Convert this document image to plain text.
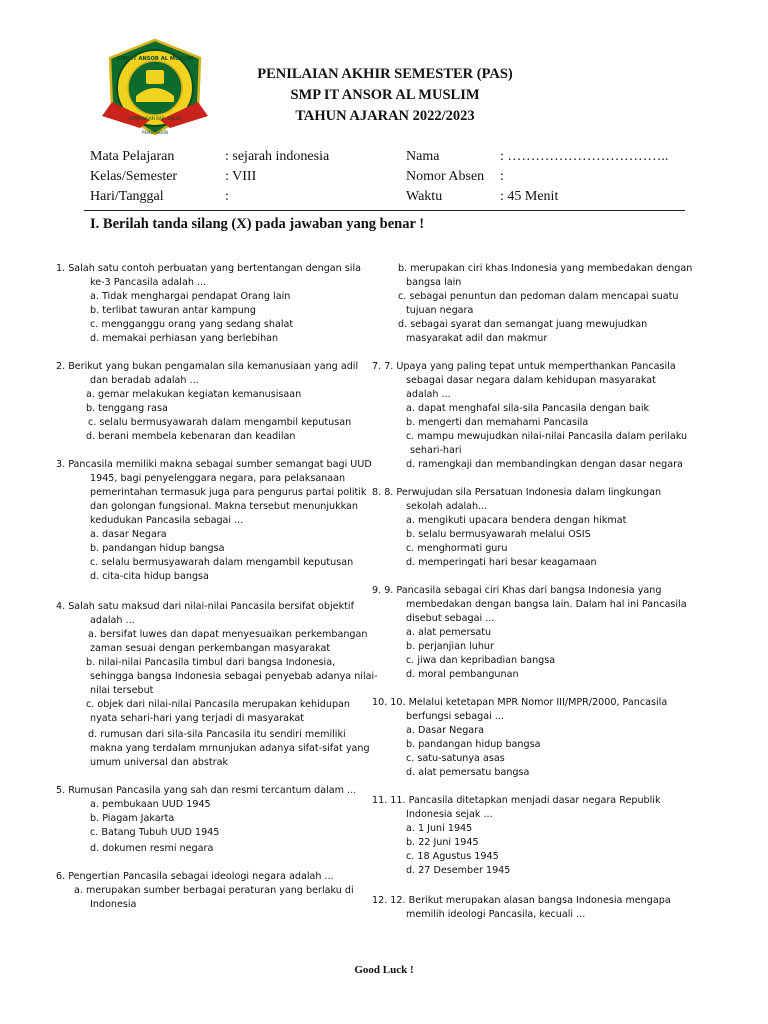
SMP IT ANSOR AL MUSLIM
LEMBANGAN KAB. GALUH
PEMBANGUN
PENILAIAN AKHIR SEMESTER (PAS)
SMP IT ANSOR AL MUSLIM
TAHUN AJARAN 2022/2023
Mata Pelajaran	: sejarah indonesia
Kelas/Semester	: VIII
Hari/Tanggal	:
Nama	: ……………………………..
Nomor Absen :
Waktu	: 45 Menit
I. Berilah tanda silang (X) pada jawaban yang benar !
1. Salah satu contoh perbuatan yang bertentangan dengan sila
ke-3 Pancasila adalah ...
a. Tidak menghargai pendapat Orang lain
b. terlibat tawuran antar kampung
c. mengganggu orang yang sedang shalat
d. memakai perhiasan yang berlebihan
2. Berikut yang bukan pengamalan sila kemanusiaan yang adil
dan beradab adalah ...
a. gemar melakukan kegiatan kemanusisaan
b. tenggang rasa
c. selalu bermusyawarah dalam mengambil keputusan
d. berani membela kebenaran dan keadilan
3. Pancasila memiliki makna sebagai sumber semangat bagi UUD
1945, bagi penyelenggara negara, para pelaksanaan
pemerintahan termasuk juga para pengurus partai politik
dan golongan fungsional. Makna tersebut menunjukkan
kedudukan Pancasila sebagai ...
a. dasar Negara
b. pandangan hidup bangsa
c. selalu bermusyawarah dalam mengambil keputusan
d. cita-cita hidup bangsa
4. Salah satu maksud dari nilai-nilai Pancasila bersifat objektif
adalah ...
a. bersifat luwes dan dapat menyesuaikan perkembangan
zaman sesuai dengan perkembangan masyarakat
b. nilai-nilai Pancasila timbul dari bangsa Indonesia,
sehingga bangsa Indonesia sebagai penyebab adanya nilai-
nilai tersebut
c. objek dari nilai-nilai Pancasila merupakan kehidupan
nyata sehari-hari yang terjadi di masyarakat
d. rumusan dari sila-sila Pancasila itu sendiri memiliki
makna yang terdalam mrnunjukan adanya sifat-sifat yang
umum universal dan abstrak
5. Rumusan Pancasila yang sah dan resmi tercantum dalam ...
a. pembukaan UUD 1945
b. Piagam Jakarta
c. Batang Tubuh UUD 1945
d. dokumen resmi negara
6. Pengertian Pancasila sebagai ideologi negara adalah ...
a. merupakan sumber berbagai peraturan yang berlaku di
Indonesia
b. merupakan ciri khas Indonesia yang membedakan dengan
bangsa lain
c. sebagai penuntun dan pedoman dalam mencapai suatu
tujuan negara
d. sebagai syarat dan semangat juang mewujudkan
masyarakat adil dan makmur
7. 7. Upaya yang paling tepat untuk memperthankan Pancasila
sebagai dasar negara dalam kehidupan masyarakat
adalah ...
a. dapat menghafal sila-sila Pancasila dengan baik
b. mengerti dan memahami Pancasila
c. mampu mewujudkan nilai-nilai Pancasila dalam perilaku
sehari-hari
d. ramengkaji dan membandingkan dengan dasar negara
8. 8. Perwujudan sila Persatuan Indonesia dalam lingkungan
sekolah adalah...
a. mengikuti upacara bendera dengan hikmat
b. selalu bermusyawarah melalui OSIS
c. menghormati guru
d. memperingati hari besar keagamaan
9. 9. Pancasila sebagai ciri Khas dari bangsa Indonesia yang
membedakan dengan bangsa lain. Dalam hal ini Pancasila
disebut sebagai ...
a. alat pemersatu
b. perjanjian luhur
c. jiwa dan kepribadian bangsa
d. moral pembangunan
10. 10. Melalui ketetapan MPR Nomor III/MPR/2000, Pancasila
berfungsi sebagai ...
a. Dasar Negara
b. pandangan hidup bangsa
c. satu-satunya asas
d. alat pemersatu bangsa
11. 11. Pancasila ditetapkan menjadi dasar negara Republik
Indonesia sejak ...
a. 1 Juni 1945
b. 22 Juni 1945
c. 18 Agustus 1945
d. 27 Desember 1945
12. 12. Berikut merupakan alasan bangsa Indonesia mengapa
memilih ideologi Pancasila, kecuali ...
Good Luck !
